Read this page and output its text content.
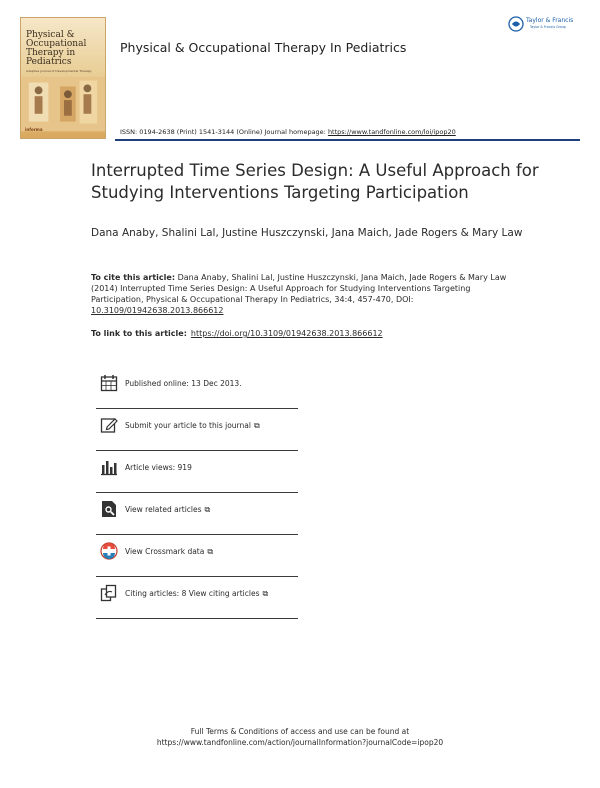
Physical & Occupational Therapy in Pediatrics
Adaptive Journal of Developmental Therapy
informa
Physical & Occupational Therapy In Pediatrics
Taylor & Francis
Taylor & Francis Group
ISSN: 0194-2638 (Print) 1541-3144 (Online) Journal homepage: https://www.tandfonline.com/loi/ipop20
Interrupted Time Series Design: A Useful Approach for Studying Interventions Targeting Participation
Dana Anaby, Shalini Lal, Justine Huszczynski, Jana Maich, Jade Rogers & Mary Law
To cite this article: Dana Anaby, Shalini Lal, Justine Huszczynski, Jana Maich, Jade Rogers & Mary Law (2014) Interrupted Time Series Design: A Useful Approach for Studying Interventions Targeting Participation, Physical & Occupational Therapy In Pediatrics, 34:4, 457-470, DOI: 10.3109/01942638.2013.866612
To link to this article: https://doi.org/10.3109/01942638.2013.866612
Published online: 13 Dec 2013.
Submit your article to this journal ⧉
Article views: 919
View related articles ⧉
View Crossmark data ⧉
Citing articles: 8 View citing articles ⧉
Full Terms & Conditions of access and use can be found at
https://www.tandfonline.com/action/journalInformation?journalCode=ipop20
